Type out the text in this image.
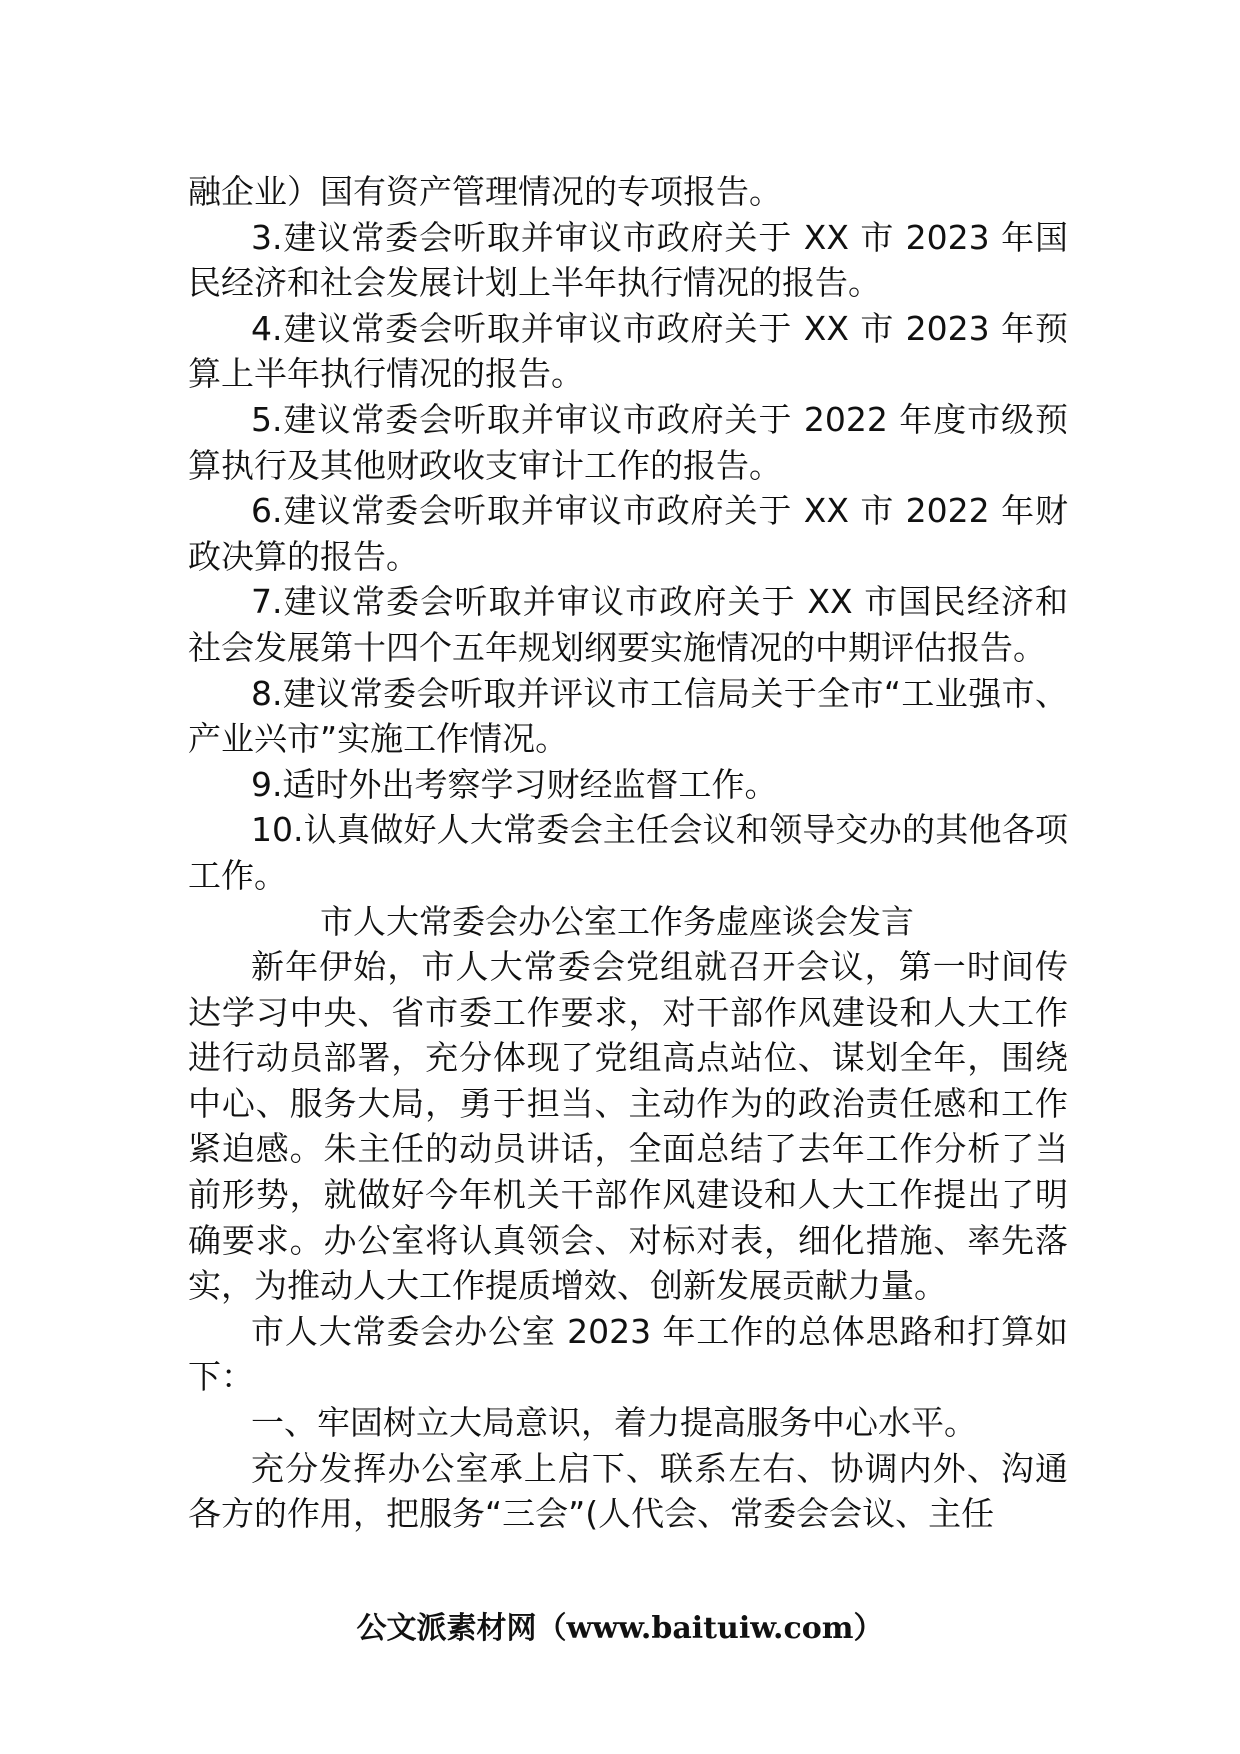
融企业）国有资产管理情况的专项报告。

3.建议常委会听取并审议市政府关于 XX 市 2023 年国民经济和社会发展计划上半年执行情况的报告。

4.建议常委会听取并审议市政府关于 XX 市 2023 年预算上半年执行情况的报告。

5.建议常委会听取并审议市政府关于 2022 年度市级预算执行及其他财政收支审计工作的报告。

6.建议常委会听取并审议市政府关于 XX 市 2022 年财政决算的报告。

7.建议常委会听取并审议市政府关于 XX 市国民经济和社会发展第十四个五年规划纲要实施情况的中期评估报告。

8.建议常委会听取并评议市工信局关于全市“工业强市、产业兴市”实施工作情况。

9.适时外出考察学习财经监督工作。

10.认真做好人大常委会主任会议和领导交办的其他各项工作。

市人大常委会办公室工作务虚座谈会发言

新年伊始，市人大常委会党组就召开会议，第一时间传达学习中央、省市委工作要求，对干部作风建设和人大工作进行动员部署，充分体现了党组高点站位、谋划全年，围绕中心、服务大局，勇于担当、主动作为的政治责任感和工作紧迫感。朱主任的动员讲话，全面总结了去年工作分析了当前形势，就做好今年机关干部作风建设和人大工作提出了明确要求。办公室将认真领会、对标对表，细化措施、率先落实，为推动人大工作提质增效、创新发展贡献力量。

市人大常委会办公室 2023 年工作的总体思路和打算如下：

一、牢固树立大局意识，着力提高服务中心水平。

充分发挥办公室承上启下、联系左右、协调内外、沟通各方的作用，把服务“三会”(人代会、常委会会议、主任

公文派素材网（www.baituiw.com）
